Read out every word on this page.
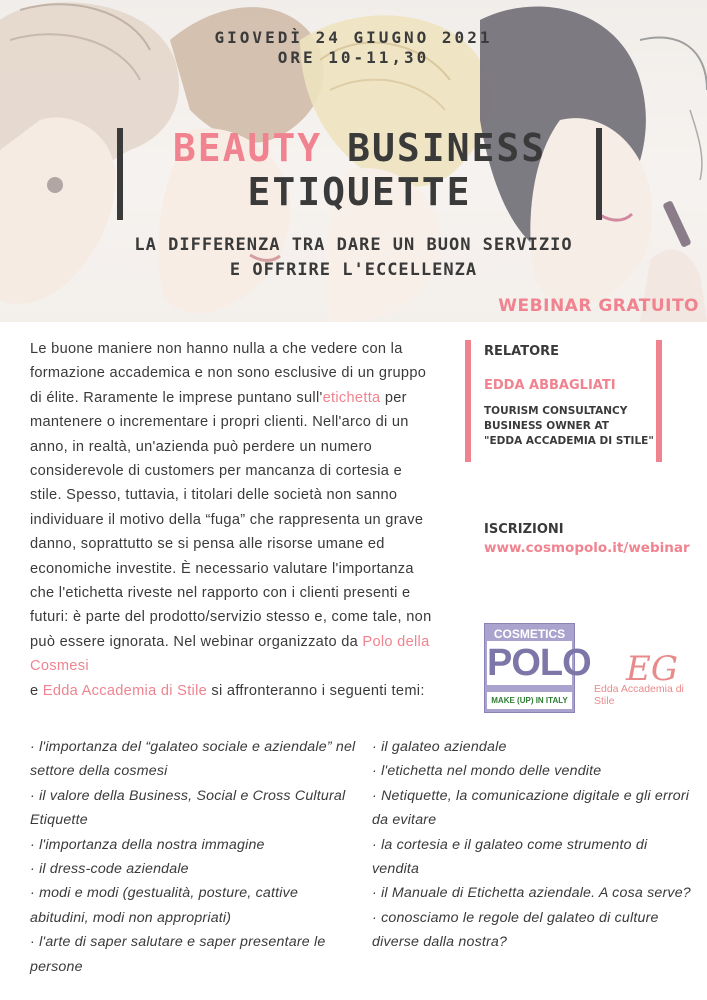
GIOVEDÌ 24 GIUGNO 2021
ORE 10-11,30
BEAUTY BUSINESS
ETIQUETTE
LA DIFFERENZA TRA DARE UN BUON SERVIZIO
E OFFRIRE L'ECCELLENZA
WEBINAR GRATUITO
Le buone maniere non hanno nulla a che vedere con la formazione accademica e non sono esclusive di un gruppo di élite. Raramente le imprese puntano sull'etichetta per mantenere o incrementare i propri clienti. Nell'arco di un anno, in realtà, un'azienda può perdere un numero considerevole di customers per mancanza di cortesia e stile. Spesso, tuttavia, i titolari delle società non sanno individuare il motivo della “fuga” che rappresenta un grave danno, soprattutto se si pensa alle risorse umane ed economiche investite. È necessario valutare l'importanza che l'etichetta riveste nel rapporto con i clienti presenti e futuri: è parte del prodotto/servizio stesso e, come tale, non può essere ignorata. Nel webinar organizzato da Polo della Cosmesi
e Edda Accademia di Stile si affronteranno i seguenti temi:
RELATORE
EDDA ABBAGLIATI
TOURISM CONSULTANCY
BUSINESS OWNER AT
"EDDA ACCADEMIA DI STILE"
ISCRIZIONI
www.cosmopolo.it/webinar
COSMETICS
POLO
MAKE (UP) IN ITALY
EG
Edda Accademia di Stile

· l'importanza del “galateo sociale e aziendale” nel settore della cosmesi

· il valore della Business, Social e Cross Cultural Etiquette

· l'importanza della nostra immagine

· il dress-code aziendale

· modi e modi (gestualità, posture, cattive abitudini, modi non appropriati)

· l'arte di saper salutare e saper presentare le persone

· il galateo aziendale

· l'etichetta nel mondo delle vendite

· Netiquette, la comunicazione digitale e gli errori da evitare

· la cortesia e il galateo come strumento di vendita

· il Manuale di Etichetta aziendale. A cosa serve?

· conosciamo le regole del galateo di culture diverse dalla nostra?
